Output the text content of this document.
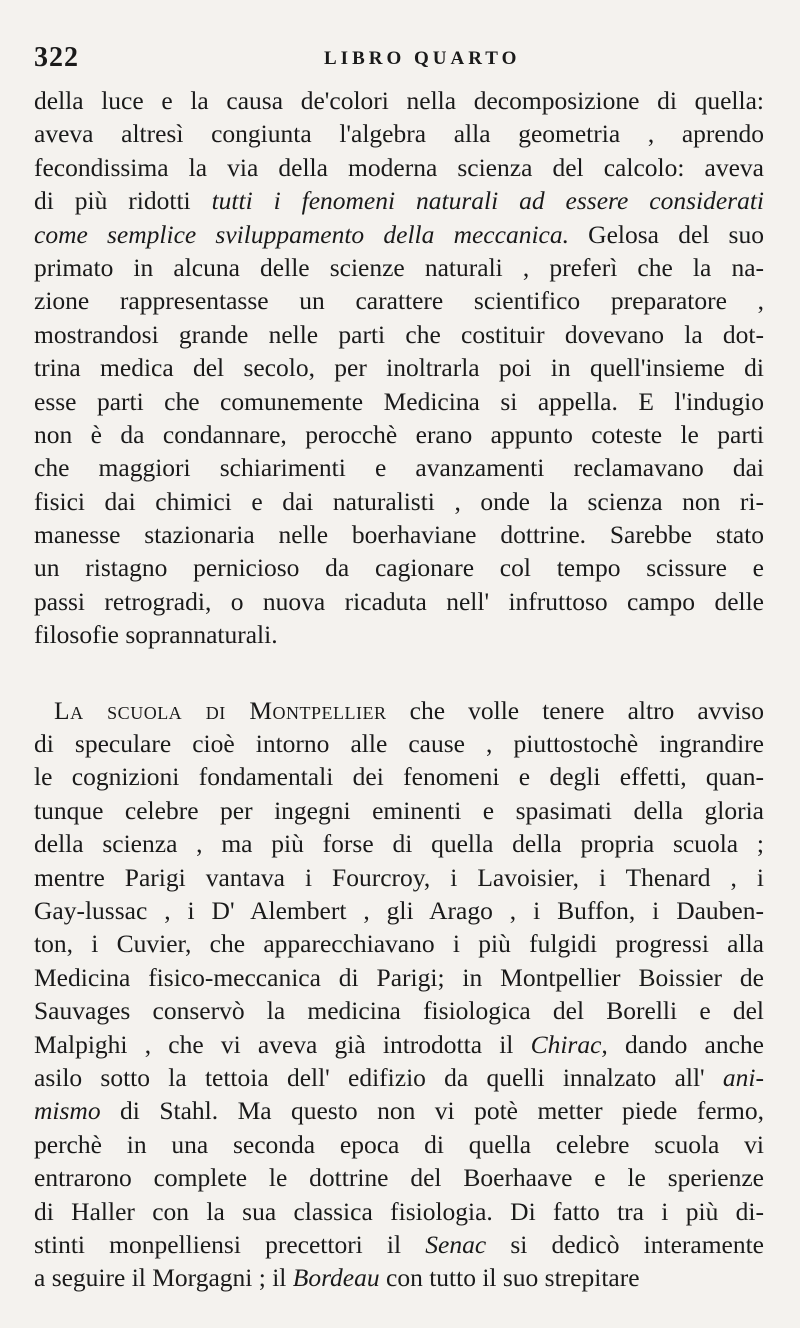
322	LIBRO QUARTO
della luce e la causa de'colori nella decomposizione di quella:
aveva altresì congiunta l'algebra alla geometria , aprendo
fecondissima la via della moderna scienza del calcolo: aveva
di più ridotti tutti i fenomeni naturali ad essere considerati
come semplice sviluppamento della meccanica. Gelosa del suo
primato in alcuna delle scienze naturali , preferì che la na-
zione rappresentasse un carattere scientifico preparatore ,
mostrandosi grande nelle parti che costituir dovevano la dot-
trina medica del secolo, per inoltrarla poi in quell'insieme di
esse parti che comunemente Medicina si appella. E l'indugio
non è da condannare, perocchè erano appunto coteste le parti
che maggiori schiarimenti e avanzamenti reclamavano dai
fisici dai chimici e dai naturalisti , onde la scienza non ri-
manesse stazionaria nelle boerhaviane dottrine. Sarebbe stato
un ristagno pernicioso da cagionare col tempo scissure e
passi retrogradi, o nuova ricaduta nell' infruttoso campo delle
filosofie soprannaturali.
La scuola di Montpellier che volle tenere altro avviso
di speculare cioè intorno alle cause , piuttostochè ingrandire
le cognizioni fondamentali dei fenomeni e degli effetti, quan-
tunque celebre per ingegni eminenti e spasimati della gloria
della scienza , ma più forse di quella della propria scuola ;
mentre Parigi vantava i Fourcroy, i Lavoisier, i Thenard , i
Gay-lussac , i D' Alembert , gli Arago , i Buffon, i Dauben-
ton, i Cuvier, che apparecchiavano i più fulgidi progressi alla
Medicina fisico-meccanica di Parigi; in Montpellier Boissier de
Sauvages conservò la medicina fisiologica del Borelli e del
Malpighi , che vi aveva già introdotta il Chirac, dando anche
asilo sotto la tettoia dell' edifizio da quelli innalzato all' ani-
mismo di Stahl. Ma questo non vi potè metter piede fermo,
perchè in una seconda epoca di quella celebre scuola vi
entrarono complete le dottrine del Boerhaave e le sperienze
di Haller con la sua classica fisiologia. Di fatto tra i più di-
stinti monpelliensi precettori il Senac si dedicò interamente
a seguire il Morgagni ; il Bordeau con tutto il suo strepitare
